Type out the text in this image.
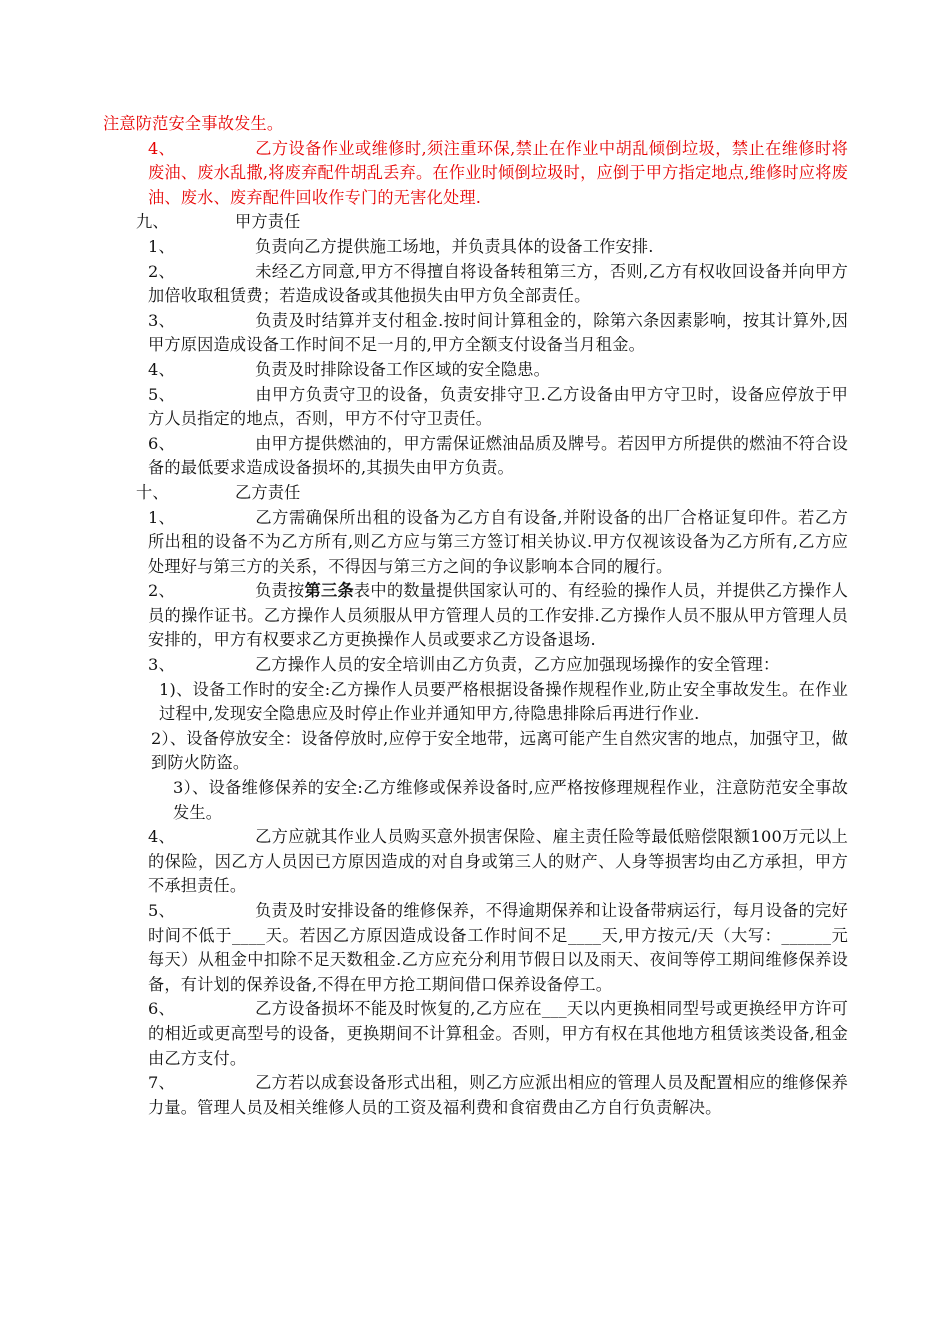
注意防范安全事故发生。

4、	乙方设备作业或维修时,须注重环保,禁止在作业中胡乱倾倒垃圾，禁止在维修时将废油、废水乱撒,将废弃配件胡乱丢弃。在作业时倾倒垃圾时，应倒于甲方指定地点,维修时应将废油、废水、废弃配件回收作专门的无害化处理.

九、	甲方责任

1、	负责向乙方提供施工场地，并负责具体的设备工作安排.

2、	未经乙方同意,甲方不得擅自将设备转租第三方，否则,乙方有权收回设备并向甲方加倍收取租赁费；若造成设备或其他损失由甲方负全部责任。

3、	负责及时结算并支付租金.按时间计算租金的，除第六条因素影响，按其计算外,因甲方原因造成设备工作时间不足一月的,甲方全额支付设备当月租金。

4、	负责及时排除设备工作区域的安全隐患。

5、	由甲方负责守卫的设备，负责安排守卫.乙方设备由甲方守卫时，设备应停放于甲方人员指定的地点，否则，甲方不付守卫责任。

6、	由甲方提供燃油的，甲方需保证燃油品质及牌号。若因甲方所提供的燃油不符合设备的最低要求造成设备损坏的,其损失由甲方负责。

十、	乙方责任

1、	乙方需确保所出租的设备为乙方自有设备,并附设备的出厂合格证复印件。若乙方所出租的设备不为乙方所有,则乙方应与第三方签订相关协议.甲方仅视该设备为乙方所有,乙方应处理好与第三方的关系，不得因与第三方之间的争议影响本合同的履行。

2、	负责按第三条表中的数量提供国家认可的、有经验的操作人员，并提供乙方操作人员的操作证书。乙方操作人员须服从甲方管理人员的工作安排.乙方操作人员不服从甲方管理人员安排的，甲方有权要求乙方更换操作人员或要求乙方设备退场.

3、	乙方操作人员的安全培训由乙方负责，乙方应加强现场操作的安全管理：

1)、设备工作时的安全:乙方操作人员要严格根据设备操作规程作业,防止安全事故发生。在作业过程中,发现安全隐患应及时停止作业并通知甲方,待隐患排除后再进行作业.

2）、设备停放安全：设备停放时,应停于安全地带，远离可能产生自然灾害的地点，加强守卫，做到防火防盗。

3）、设备维修保养的安全:乙方维修或保养设备时,应严格按修理规程作业，注意防范安全事故发生。

4、	乙方应就其作业人员购买意外损害保险、雇主责任险等最低赔偿限额100万元以上的保险，因乙方人员因已方原因造成的对自身或第三人的财产、人身等损害均由乙方承担，甲方不承担责任。

5、	负责及时安排设备的维修保养，不得逾期保养和让设备带病运行，每月设备的完好时间不低于____天。若因乙方原因造成设备工作时间不足____天,甲方按元/天（大写：______元每天）从租金中扣除不足天数租金.乙方应充分利用节假日以及雨天、夜间等停工期间维修保养设备，有计划的保养设备,不得在甲方抢工期间借口保养设备停工。

6、	乙方设备损坏不能及时恢复的,乙方应在___天以内更换相同型号或更换经甲方许可的相近或更高型号的设备，更换期间不计算租金。否则，甲方有权在其他地方租赁该类设备,租金由乙方支付。

7、	乙方若以成套设备形式出租，则乙方应派出相应的管理人员及配置相应的维修保养力量。管理人员及相关维修人员的工资及福利费和食宿费由乙方自行负责解决。
